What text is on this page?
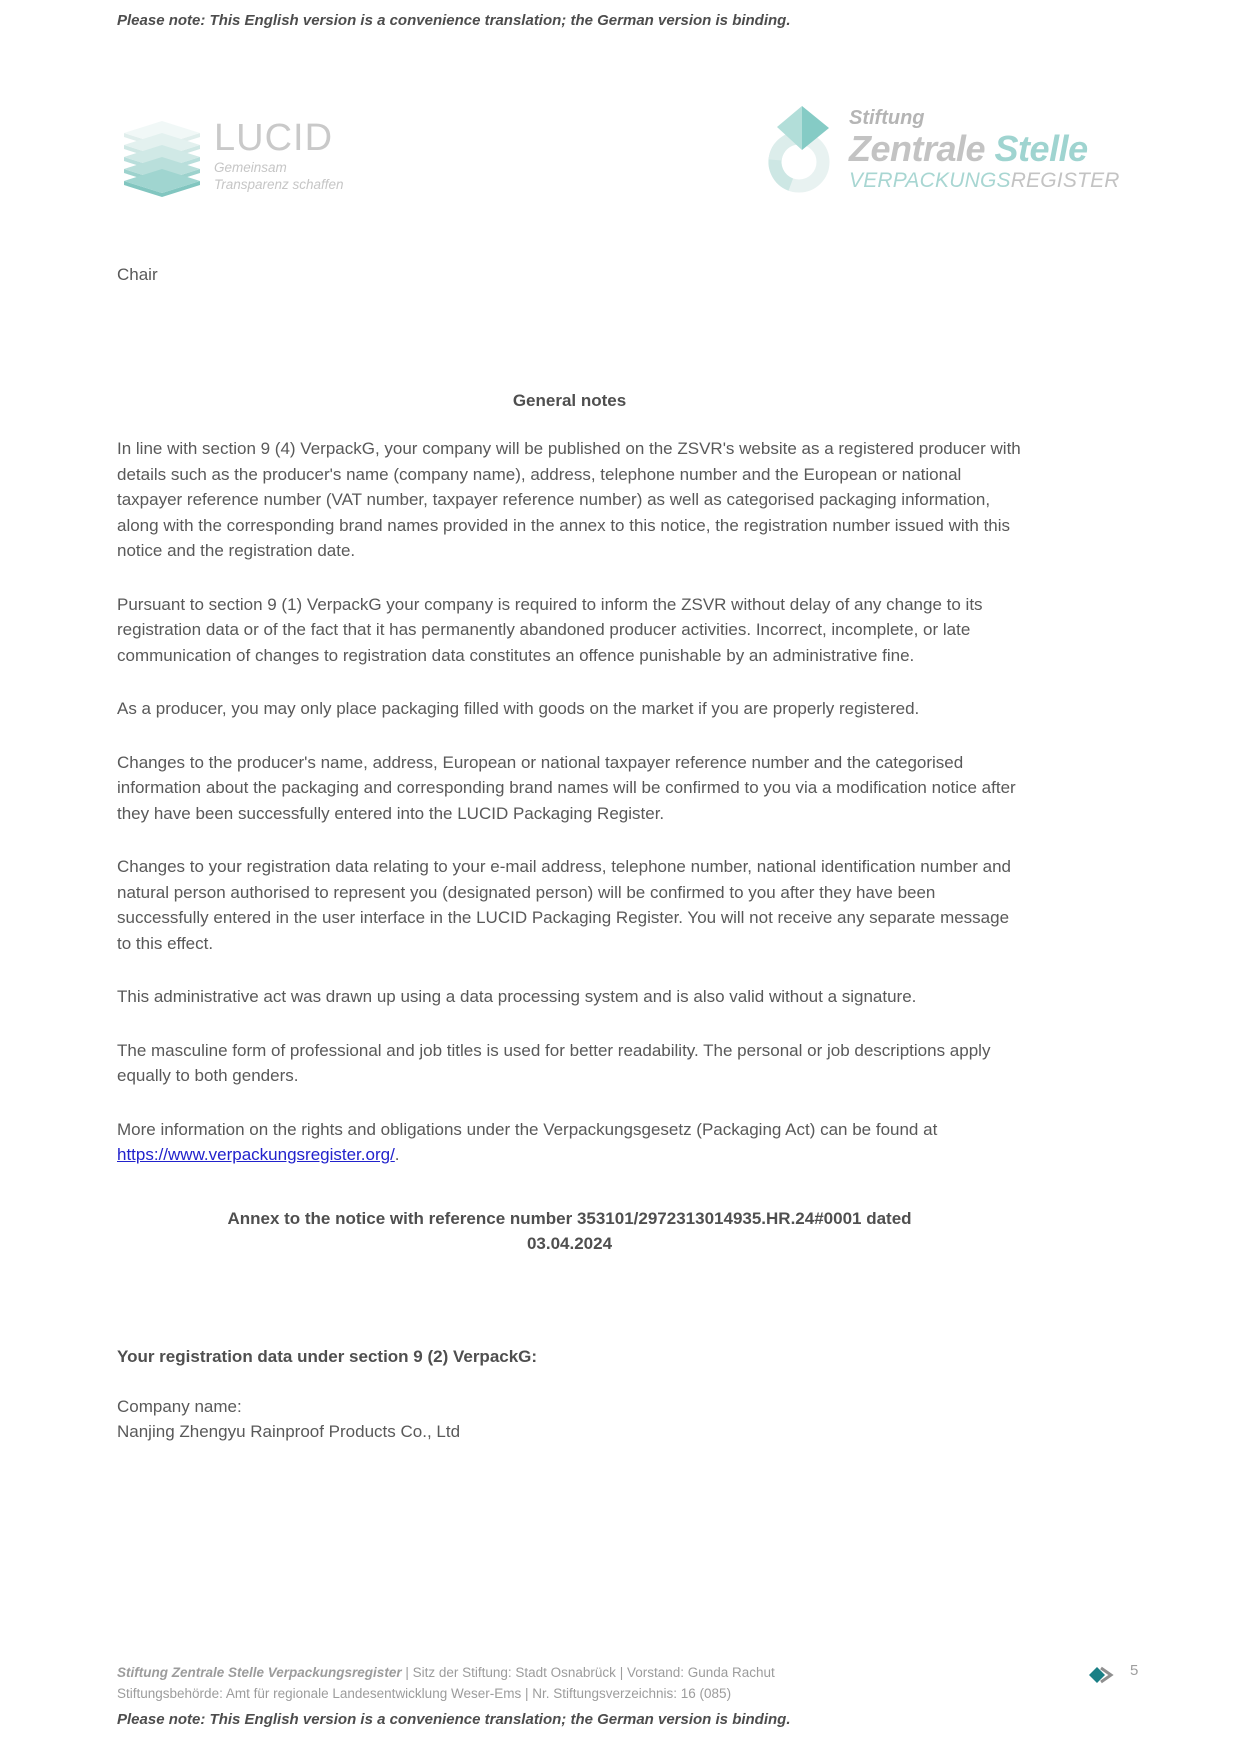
Please note: This English version is a convenience translation; the German version is binding.
LUCID
Gemeinsam
Transparenz schaffen
Stiftung
Zentrale Stelle
VERPACKUNGSREGISTER
Chair
General notes

In line with section 9 (4) VerpackG, your company will be published on the ZSVR's website as a registered producer with details such as the producer's name (company name), address, telephone number and the European or national taxpayer reference number (VAT number, taxpayer reference number) as well as categorised packaging information, along with the corresponding brand names provided in the annex to this notice, the registration number issued with this notice and the registration date.

Pursuant to section 9 (1) VerpackG your company is required to inform the ZSVR without delay of any change to its registration data or of the fact that it has permanently abandoned producer activities. Incorrect, incomplete, or late communication of changes to registration data constitutes an offence punishable by an administrative fine.

As a producer, you may only place packaging filled with goods on the market if you are properly registered.

Changes to the producer's name, address, European or national taxpayer reference number and the categorised information about the packaging and corresponding brand names will be confirmed to you via a modification notice after they have been successfully entered into the LUCID Packaging Register.

Changes to your registration data relating to your e-mail address, telephone number, national identification number and natural person authorised to represent you (designated person) will be confirmed to you after they have been successfully entered in the user interface in the LUCID Packaging Register. You will not receive any separate message to this effect.

This administrative act was drawn up using a data processing system and is also valid without a signature.

The masculine form of professional and job titles is used for better readability. The personal or job descriptions apply equally to both genders.

More information on the rights and obligations under the Verpackungsgesetz (Packaging Act) can be found at https://www.verpackungsregister.org/.

Annex to the notice with reference number 353101/2972313014935.HR.24#0001 dated
03.04.2024
Your registration data under section 9 (2) VerpackG:
Company name:
Nanjing Zhengyu Rainproof Products Co., Ltd
Stiftung Zentrale Stelle Verpackungsregister | Sitz der Stiftung: Stadt Osnabrück | Vorstand: Gunda Rachut
Stiftungsbehörde: Amt für regionale Landesentwicklung Weser-Ems | Nr. Stiftungsverzeichnis: 16 (085)
5
Please note: This English version is a convenience translation; the German version is binding.
